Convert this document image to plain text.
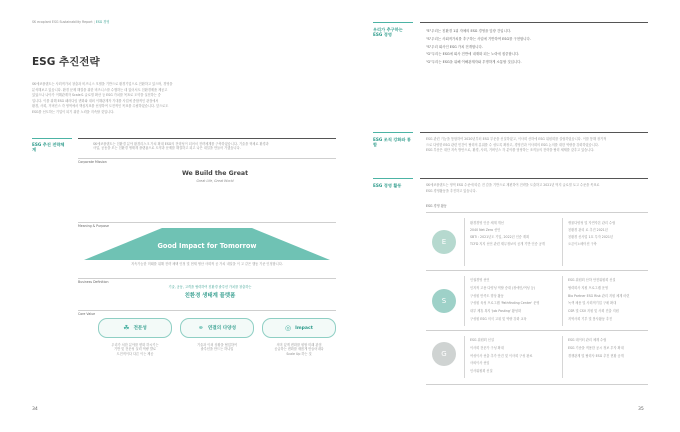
SK ecoplant ESG Sustainability Report | ESG 경영
ESG 추진전략
SK에코플랜트는 사회적가치 창출과 비즈니스 모델을 기반으로 환경기업으로 전환하고 있으며, 경영을
분석해보고 있습니다. 환경 문제 해결을 위한 비즈니스를 수행하는 데 있어서도 친환경제품 제공고
있었으나 나아가 이해관계자 Scale로 글로벌 확산 등 ESG 가치를 목표로 도약을 실천하는 중
입니다. 이를 위해 ESG 패러다임 변화와 대외 이해관계자 기대를 사업에 종합적인 관점에서
환경, 사회, 거버넌스 각 영역에서 핵심지표를 선정하여 도전적인 목표를 수립하였습니다. 앞으로도
ESG를 선도하는 기업이 되기 위한 노력을 지속할 것입니다.
ESG 추진 전략체계
SK에코플랜트는 친환경 분야 환경리스크 가치 확대 ESG의 전략성이 되어서 전략체계를 구축하였습니다. 기술을 혁채로 환경과
사업, 공동을 모는 친환경 생태계 플랫폼으로 도약과 문제를 해결하고 되고 나은 내일을 만들어 가겠습니다.
Corporate Mission
We Build the Great
Great Life, Great World
Meaning & Purpose
Good Impact for Tomorrow
지속가능한 미래를 위해 전략 채택 인정 및 현재 생산 사회적 공 가치 내일을 이 고 같은 행동 기준 인정합니다.
Business Definition
기술, 공동, 고객을 협력하여 친환경 솔루션 가치를 창출하는
친환경 생태계 플랫폼
Core Value
☘ 전문성
우리가 처한 분야를 변화 하시키는
기반 및 전문성 실력 역량 발로
도전적이다 다른 이는 제공
⚭ 연결의 다양성
기술과 이외 상황을 협업하여
솔루션을 만드는 하나입
◎ Impact
의미 있게 변화를 원할 미래 관점
공급하는 변화를 새롭게 만들어내다
Scale Up 하는 것
34
우리가 추구하는 ESG 경영
"E"우리는 친환경 1위 자체의 ESG 경영을 앞장 간입니다.
"S"우리는 사회적가치를 추구하는 사업에 기반하여 ESG를 구현합니다.
"S"우리 회사인 ESG 가치 전개합니다.
"G"우리는 ESG에 회사 전반에 내재화 되는 노력에 집중합니다.
"G"우리는 ESG을 위해 이해관계자와 투명하게 소통할 것입니다.
ESG 조직 강화와 통합
ESG 관련 기능을 통합하여 2020년부터 ESG 부문을 신설하였고, 이사회 산하에 ESG 위원회를 설립하였습니다. 이를 통해 장기적
으로 다양한 ESG 관련 민간이 협력의 분위를 수 성도록 확장고, 경영진과 이사회의 ESG 논의를 대한 역량을 강화하였습니다.
ESG 부문은 대단 지속 방안으로, 환경, 사회, 거버넌스 각 분야를 담당하는 조직들의 전략을 협력 체제를 갖추고 있습니다.
ESG 경영 활동	SK에코플랜트는 영역 ESG 수준에 따른 전 감을 기반으로 재편하여 전략을 도출하고 2021년 먹지 글로벌 토고 수준을 목표로
ESG 경영활동을 추진하고 있습니다.
ESG 경영 활동
E
환경경영 인증 체계 개선
2040 Net Zero 선언
SBTi : 2021년도 기입, 2022년 인증 계획
TCFD 지지 선언 관련 재무정보의 공개 기반 인증 공개
생물다양성 및 자연자본 관리 수립
친환경 관리 로 추진 2021년
친환경 신사업 1호 투자 2021년
오픈이노베이션 구축
S
인권경영 선언
인지적 고용 다양성 역할 증대 (장애인/여성 등)
구성원 만족도 향상 활동
구성원 육성 프로그램 'Pathfinding Center' 운영
내부 제휴 복지 'Job Posting' 활성화
구성원 ESG 의식 고취 및 역량 강화 교육
ESG 위원회 산하 안전위원회 신설
협력회사 지원 프로그램 운영
Bio Partner ESG Risk 관리 지원 체계 마련
녹색 채용 및 사회적기업 구매 확대
CSR 및 CSV 지원 및 사회 진출 지원
지역사회 기부 및 봉사활동 추진
G
ESG 위원회 신설
이사회 전문가 구성 확대
여성이사 선출 추가 안건 및 이사회 구성 완료
사외이사 선임
인사위원회 신설
ESG 데이터 관리 체계 수립
ESG 기준을 적용한 공시 정보 투자 확대
경쟁관계 및 협력사 ESG 추진 현황 공개
35
